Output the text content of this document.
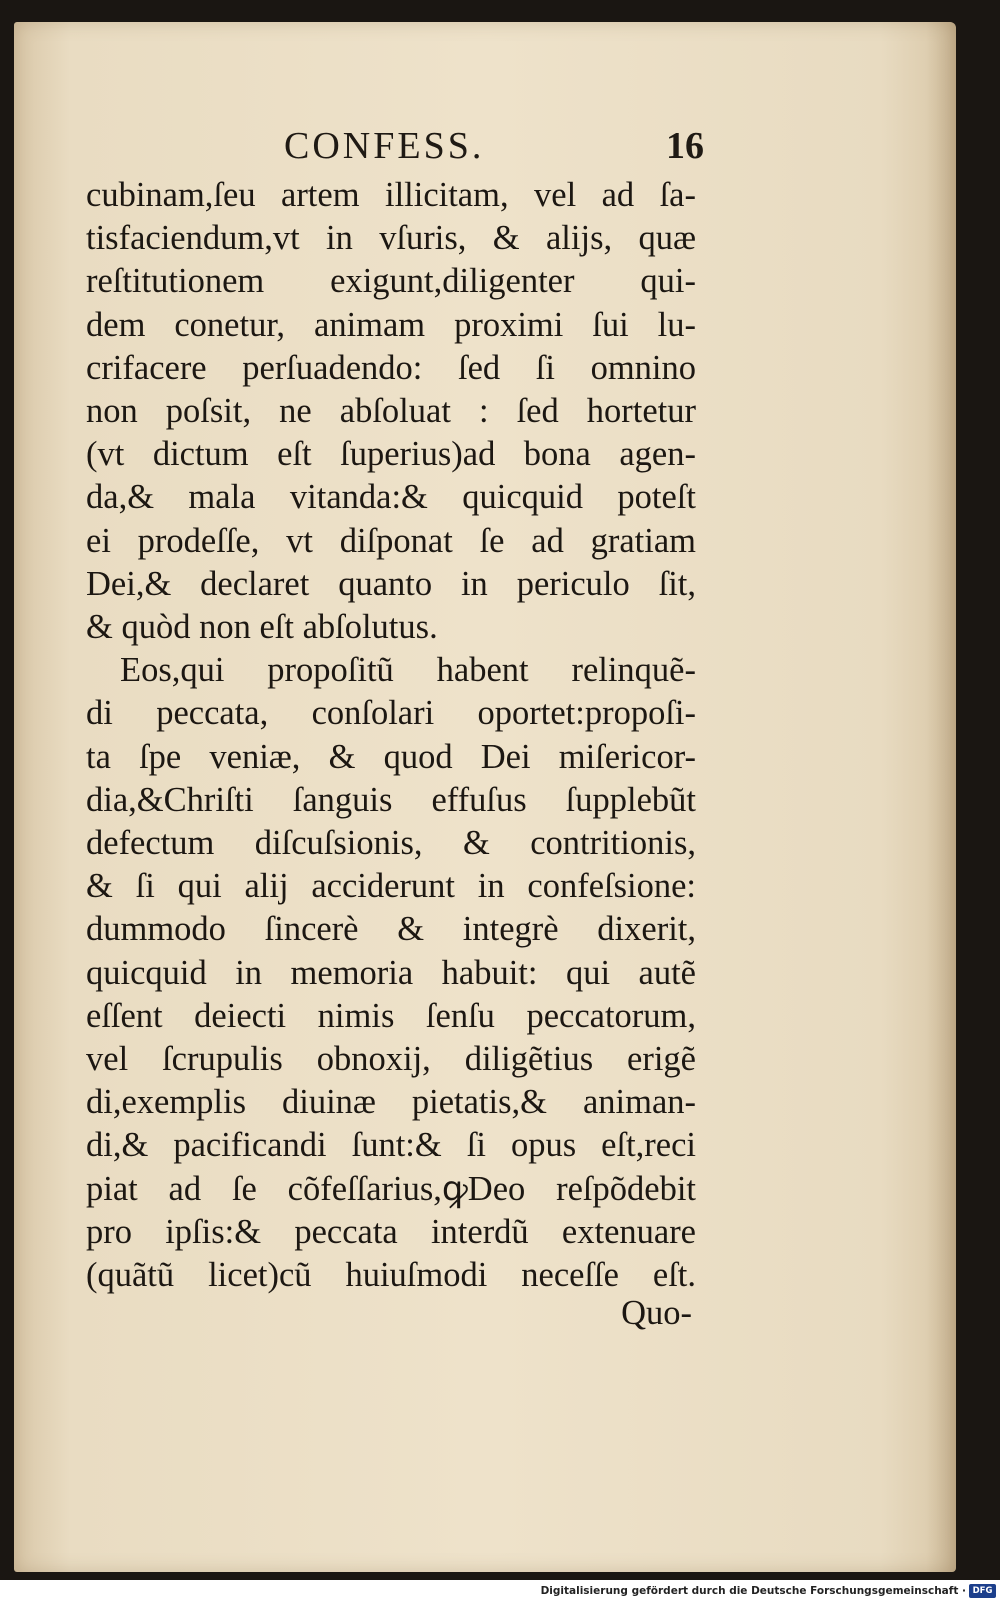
CONFESS.	16
cubinam,ſeu artem illicitam, vel ad ſa-
tisfaciendum,vt in vſuris, & alijs, quæ
reſtitutionem exigunt,diligenter qui-
dem conetur, animam proximi ſui lu-
crifacere perſuadendo: ſed ſi omnino
non poſsit, ne abſoluat : ſed hortetur
(vt dictum eſt ſuperius)ad bona agen-
da,& mala vitanda:& quicquid poteſt
ei prodeſſe, vt diſponat ſe ad gratiam
Dei,& declaret quanto in periculo ſit,
& quòd non eſt abſolutus.
Eos,qui propoſitũ habent relinquẽ-
di peccata, conſolari oportet:propoſi-
ta ſpe veniæ, & quod Dei miſericor-
dia,&Chriſti ſanguis effuſus ſupplebũt
defectum diſcuſsionis, & contritionis,
& ſi qui alij acciderunt in confeſsione:
dummodo ſincerè & integrè dixerit,
quicquid in memoria habuit: qui autẽ
eſſent deiecti nimis ſenſu peccatorum,
vel ſcrupulis obnoxij, diligẽtius erigẽ
di,exemplis diuinæ pietatis,& animan-
di,& pacificandi ſunt:& ſi opus eſt,reci
piat ad ſe cõfeſſarius,ꝙDeo reſpõdebit
pro ipſis:& peccata interdũ extenuare
(quãtũ licet)cũ huiuſmodi neceſſe eſt.
Quo-
Digitalisierung gefördert durch die Deutsche Forschungsgemeinschaft · DFG
